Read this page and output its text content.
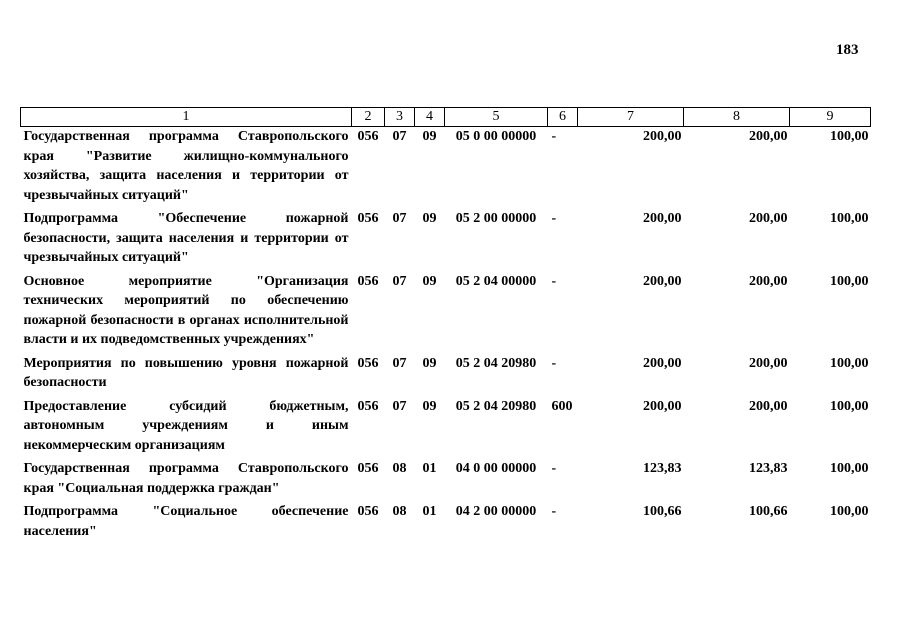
183
1	2	3	4	5	6	7	8	9
Государственная программа Ставропольского края "Развитие жилищно-коммунального хозяйства, защита населения и территории от чрезвычайных ситуаций"	056	07	09	05 0 00 00000	-	200,00	200,00	100,00
Подпрограмма "Обеспечение пожарной безопасности, защита населения и территории от чрезвычайных ситуаций"	056	07	09	05 2 00 00000	-	200,00	200,00	100,00
Основное мероприятие "Организация технических мероприятий по обеспечению пожарной безопасности в органах исполнительной власти и их подведомственных учреждениях"	056	07	09	05 2 04 00000	-	200,00	200,00	100,00
Мероприятия по повышению уровня пожарной безопасности	056	07	09	05 2 04 20980	-	200,00	200,00	100,00
Предоставление субсидий бюджетным, автономным учреждениям и иным некоммерческим организациям	056	07	09	05 2 04 20980	600	200,00	200,00	100,00
Государственная программа Ставропольского края "Социальная поддержка граждан"	056	08	01	04 0 00 00000	-	123,83	123,83	100,00
Подпрограмма "Социальное обеспечение населения"	056	08	01	04 2 00 00000	-	100,66	100,66	100,00
